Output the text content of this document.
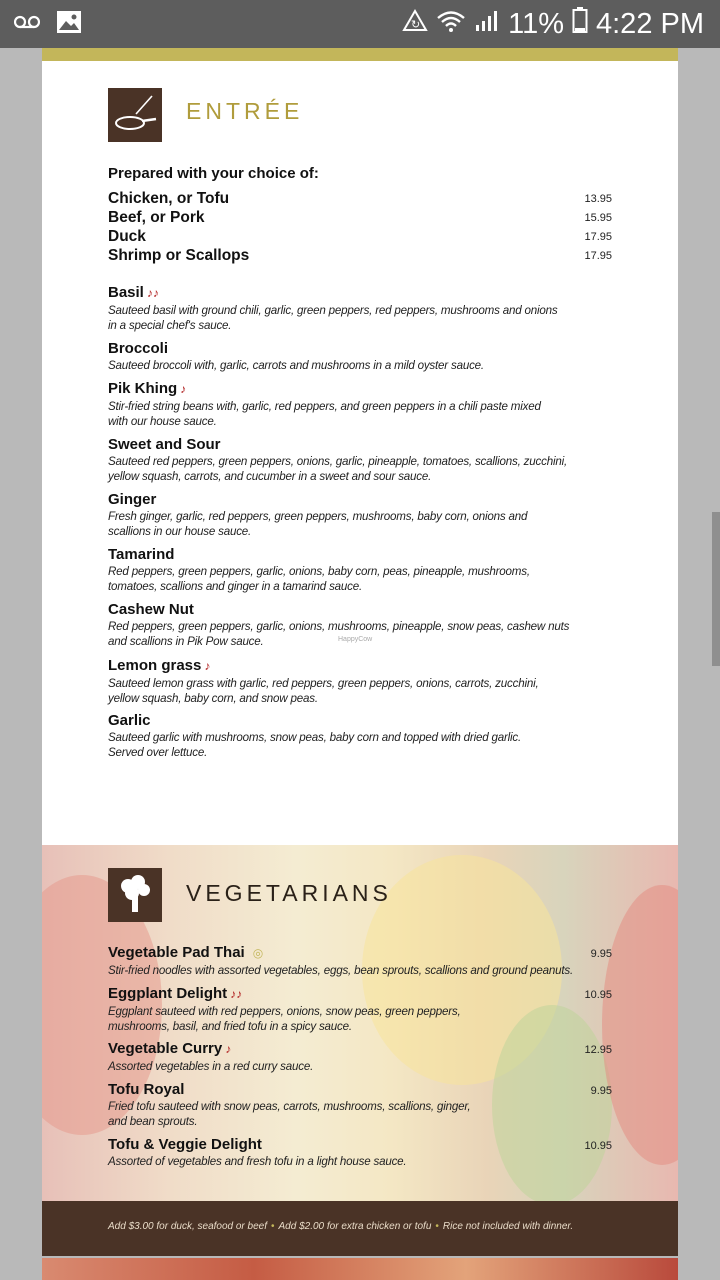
↻	11% 4:22 PM
ENTRÉE
Prepared with your choice of:
Chicken, or Tofu	13.95
Beef, or Pork	15.95
Duck	17.95
Shrimp or Scallops	17.95
Basil ♪♪
Sauteed basil with ground chili, garlic, green peppers, red peppers, mushrooms and onions
in a special chef's sauce.
Broccoli
Sauteed broccoli with, garlic, carrots and mushrooms in a mild oyster sauce.
Pik Khing ♪
Stir-fried string beans with, garlic, red peppers, and green peppers in a chili paste mixed
with our house sauce.
Sweet and Sour
Sauteed red peppers, green peppers, onions, garlic, pineapple, tomatoes, scallions, zucchini,
yellow squash, carrots, and cucumber in a sweet and sour sauce.
Ginger
Fresh ginger, garlic, red peppers, green peppers, mushrooms, baby corn, onions and
scallions in our house sauce.
Tamarind
Red peppers, green peppers, garlic, onions, baby corn, peas, pineapple, mushrooms,
tomatoes, scallions and ginger in a tamarind sauce.
Cashew Nut
Red peppers, green peppers, garlic, onions, mushrooms, pineapple, snow peas, cashew nuts
and scallions in Pik Pow sauce.	HappyCow
Lemon grass ♪
Sauteed lemon grass with garlic, red peppers, green peppers, onions, carrots, zucchini,
yellow squash, baby corn, and snow peas.
Garlic
Sauteed garlic with mushrooms, snow peas, baby corn and topped with dried garlic.
Served over lettuce.
VEGETARIANS
Vegetable Pad Thai ◎
Stir-fried noodles with assorted vegetables, eggs, bean sprouts, scallions and ground peanuts.
9.95
Eggplant Delight ♪♪
Eggplant sauteed with red peppers, onions, snow peas, green peppers,
mushrooms, basil, and fried tofu in a spicy sauce.
10.95
Vegetable Curry ♪
Assorted vegetables in a red curry sauce.
12.95
Tofu Royal
Fried tofu sauteed with snow peas, carrots, mushrooms, scallions, ginger,
and bean sprouts.
9.95
Tofu & Veggie Delight
Assorted of vegetables and fresh tofu in a light house sauce.
10.95
Add $3.00 for duck, seafood or beef • Add $2.00 for extra chicken or tofu • Rice not included with dinner.
